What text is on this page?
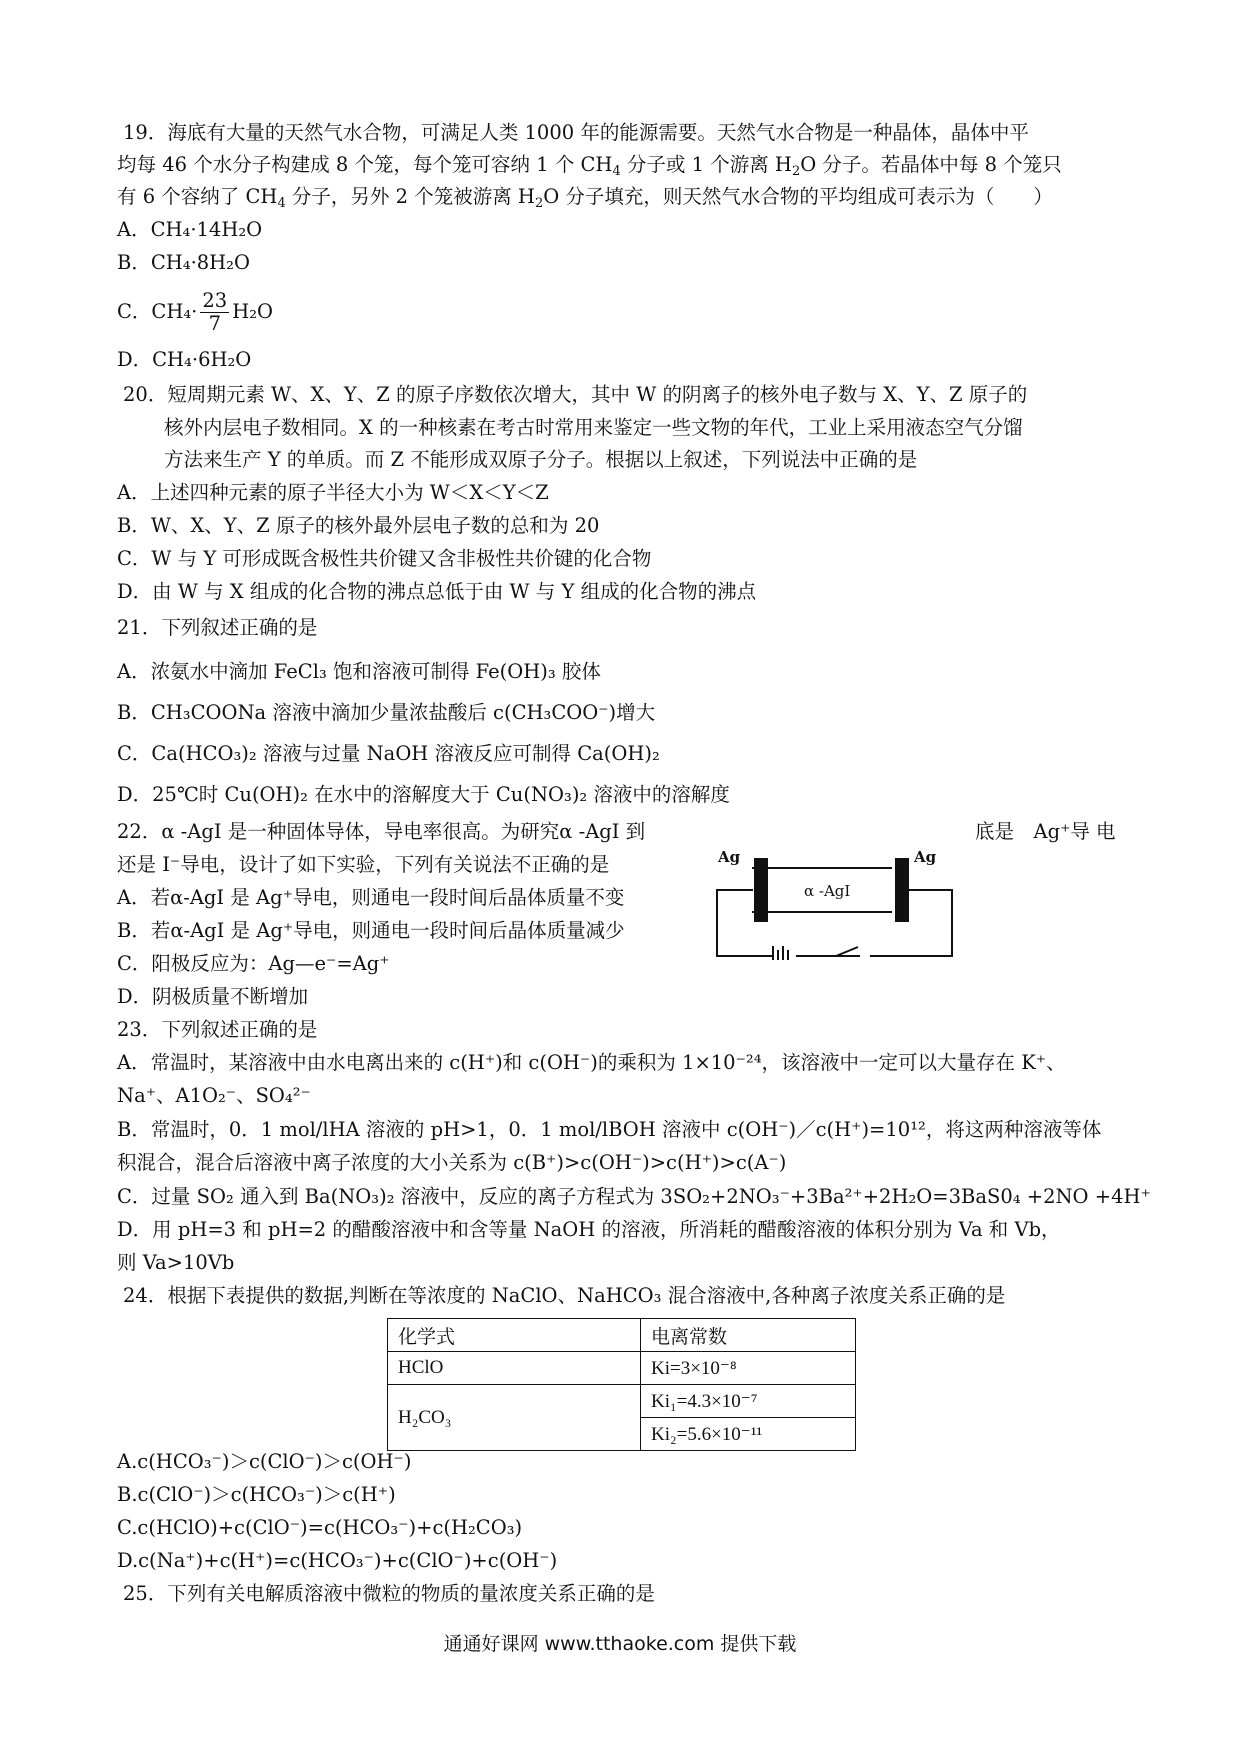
19．海底有大量的天然气水合物，可满足人类 1000 年的能源需要。天然气水合物是一种晶体，晶体中平
均每 46 个水分子构建成 8 个笼，每个笼可容纳 1 个 $CH_4$ 分子或 1 个游离 $H_2O$ 分子。若晶体中每 8 个笼只
有 6 个容纳了 $CH_4$ 分子，另外 2 个笼被游离 $H_2O$ 分子填充，则天然气水合物的平均组成可表示为（　　）
A．CH₄·14H₂O
B．CH₄·8H₂O
C．$CH_4\cdot \frac{23}{7} H_2O$
D．CH₄·6H₂O
20．短周期元素 W、X、Y、Z 的原子序数依次增大，其中 W 的阴离子的核外电子数与 X、Y、Z 原子的
核外内层电子数相同。X 的一种核素在考古时常用来鉴定一些文物的年代，工业上采用液态空气分馏
方法来生产 Y 的单质。而 Z 不能形成双原子分子。根据以上叙述，下列说法中正确的是
A．上述四种元素的原子半径大小为 W＜X＜Y＜Z
B．W、X、Y、Z 原子的核外最外层电子数的总和为 20
C．W 与 Y 可形成既含极性共价键又含非极性共价键的化合物
D．由 W 与 X 组成的化合物的沸点总低于由 W 与 Y 组成的化合物的沸点
21．下列叙述正确的是
A．浓氨水中滴加 FeCl₃ 饱和溶液可制得 Fe(OH)₃ 胶体
B．CH₃COONa 溶液中滴加少量浓盐酸后 c(CH₃COO⁻)增大
C．Ca(HCO₃)₂ 溶液与过量 NaOH 溶液反应可制得 Ca(OH)₂
D．25℃时 Cu(OH)₂ 在水中的溶解度大于 Cu(NO₃)₂ 溶液中的溶解度
22．α -AgI 是一种固体导体，导电率很高。为研究α -AgI 到	底是　Ag⁺导 电
还是 I⁻导电，设计了如下实验，下列有关说法不正确的是
A．若α-AgI 是 Ag⁺导电，则通电一段时间后晶体质量不变
B．若α-AgI 是 Ag⁺导电，则通电一段时间后晶体质量减少
C．阳极反应为：Ag—e⁻=Ag⁺
D．阴极质量不断增加
Ag	Ag
α -AgI
23．下列叙述正确的是
A．常温时，某溶液中由水电离出来的 c(H⁺)和 c(OH⁻)的乘积为 1×10⁻²⁴，该溶液中一定可以大量存在 K⁺、
Na⁺、A1O₂⁻、SO₄²⁻
B．常温时，0．1 mol/lHA 溶液的 pH>1，0．1 mol/lBOH 溶液中 c(OH⁻)／c(H⁺)=10¹²，将这两种溶液等体
积混合，混合后溶液中离子浓度的大小关系为 c(B⁺)>c(OH⁻)>c(H⁺)>c(A⁻)
C．过量 SO₂ 通入到 Ba(NO₃)₂ 溶液中，反应的离子方程式为 3SO₂+2NO₃⁻+3Ba²⁺+2H₂O=3BaS0₄ +2NO +4H⁺
D．用 pH=3 和 pH=2 的醋酸溶液中和含等量 NaOH 的溶液，所消耗的醋酸溶液的体积分别为 Va 和 Vb，
则 Va>10Vb
24．根据下表提供的数据,判断在等浓度的 NaClO、NaHCO₃ 混合溶液中,各种离子浓度关系正确的是
化学式	电离常数
HClO	Ki=3×10⁻⁸
H₂CO₃	Ki₁=4.3×10⁻⁷
	Ki₂=5.6×10⁻¹¹
A.c(HCO₃⁻)＞c(ClO⁻)＞c(OH⁻)
B.c(ClO⁻)＞c(HCO₃⁻)＞c(H⁺)
C.c(HClO)+c(ClO⁻)=c(HCO₃⁻)+c(H₂CO₃)
D.c(Na⁺)+c(H⁺)=c(HCO₃⁻)+c(ClO⁻)+c(OH⁻)
25．下列有关电解质溶液中微粒的物质的量浓度关系正确的是
通通好课网 www.tthaoke.com 提供下载
